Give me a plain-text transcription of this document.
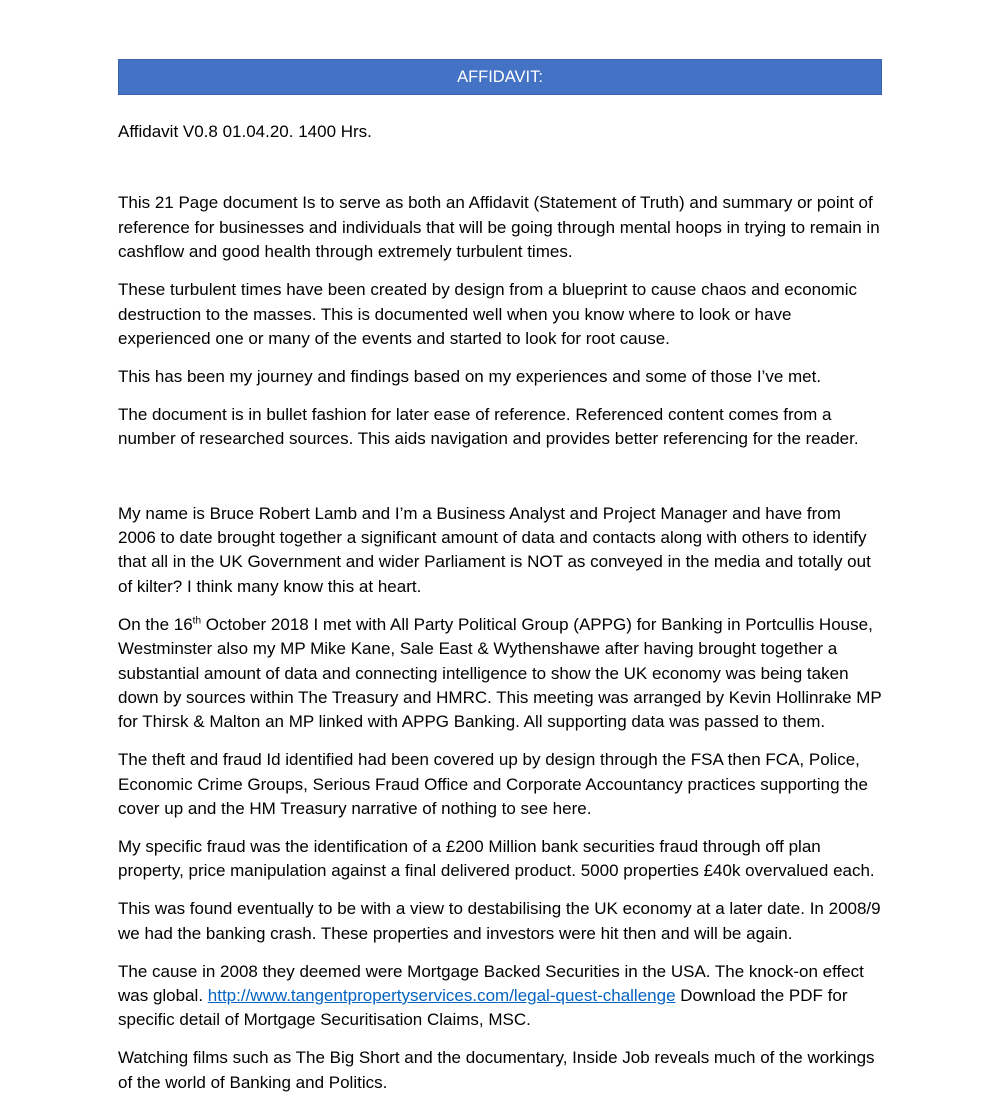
AFFIDAVIT:
Affidavit V0.8 01.04.20. 1400 Hrs.

This 21 Page document Is to serve as both an Affidavit (Statement of Truth) and summary or point of reference for businesses and individuals that will be going through mental hoops in trying to remain in cashflow and good health through extremely turbulent times.

These turbulent times have been created by design from a blueprint to cause chaos and economic destruction to the masses. This is documented well when you know where to look or have experienced one or many of the events and started to look for root cause.

This has been my journey and findings based on my experiences and some of those I’ve met.

The document is in bullet fashion for later ease of reference. Referenced content comes from a number of researched sources. This aids navigation and provides better referencing for the reader.

My name is Bruce Robert Lamb and I’m a Business Analyst and Project Manager and have from 2006 to date brought together a significant amount of data and contacts along with others to identify that all in the UK Government and wider Parliament is NOT as conveyed in the media and totally out of kilter? I think many know this at heart.

On the 16th October 2018 I met with All Party Political Group (APPG) for Banking in Portcullis House, Westminster also my MP Mike Kane, Sale East & Wythenshawe after having brought together a substantial amount of data and connecting intelligence to show the UK economy was being taken down by sources within The Treasury and HMRC. This meeting was arranged by Kevin Hollinrake MP for Thirsk & Malton an MP linked with APPG Banking. All supporting data was passed to them.

The theft and fraud Id identified had been covered up by design through the FSA then FCA, Police, Economic Crime Groups, Serious Fraud Office and Corporate Accountancy practices supporting the cover up and the HM Treasury narrative of nothing to see here.

My specific fraud was the identification of a £200 Million bank securities fraud through off plan property, price manipulation against a final delivered product. 5000 properties £40k overvalued each.

This was found eventually to be with a view to destabilising the UK economy at a later date. In 2008/9 we had the banking crash. These properties and investors were hit then and will be again.

The cause in 2008 they deemed were Mortgage Backed Securities in the USA. The knock-on effect was global. http://www.tangentpropertyservices.com/legal-quest-challenge Download the PDF for specific detail of Mortgage Securitisation Claims, MSC.

Watching films such as The Big Short and the documentary, Inside Job reveals much of the workings of the world of Banking and Politics.
